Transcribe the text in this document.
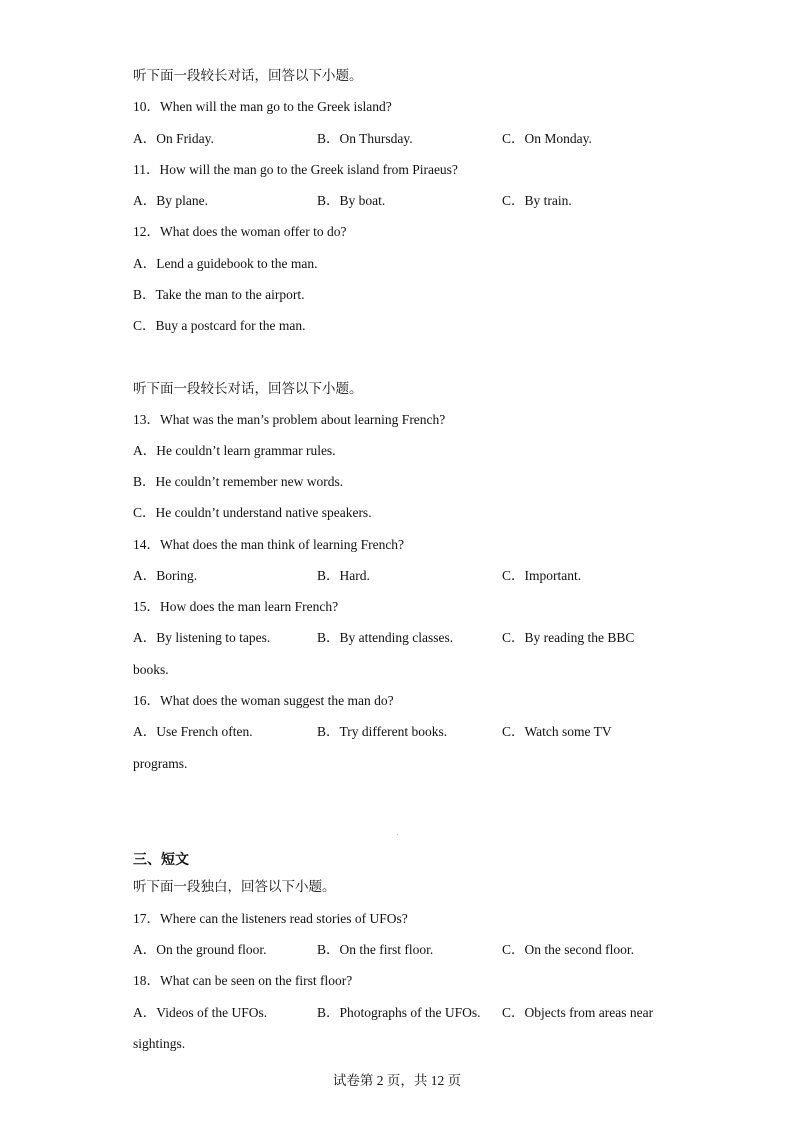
听下面一段较长对话，回答以下小题。
10．When will the man go to the Greek island?
A．On Friday.	B．On Thursday.	C．On Monday.
11．How will the man go to the Greek island from Piraeus?
A．By plane.	B．By boat.	C．By train.
12．What does the woman offer to do?
A．Lend a guidebook to the man.
B．Take the man to the airport.
C．Buy a postcard for the man.
听下面一段较长对话，回答以下小题。
13．What was the man’s problem about learning French?
A．He couldn’t learn grammar rules.
B．He couldn’t remember new words.
C．He couldn’t understand native speakers.
14．What does the man think of learning French?
A．Boring.	B．Hard.	C．Important.
15．How does the man learn French?
A．By listening to tapes.	B．By attending classes.	C．By reading the BBC
books.
16．What does the woman suggest the man do?
A．Use French often.	B．Try different books.	C．Watch some TV
programs.
三、短文
听下面一段独白，回答以下小题。
17．Where can the listeners read stories of UFOs?
A．On the ground floor.	B．On the first floor.	C．On the second floor.
18．What can be seen on the first floor?
A．Videos of the UFOs.	B．Photographs of the UFOs. C．Objects from areas near
sightings.
试卷第 2 页，共 12 页
